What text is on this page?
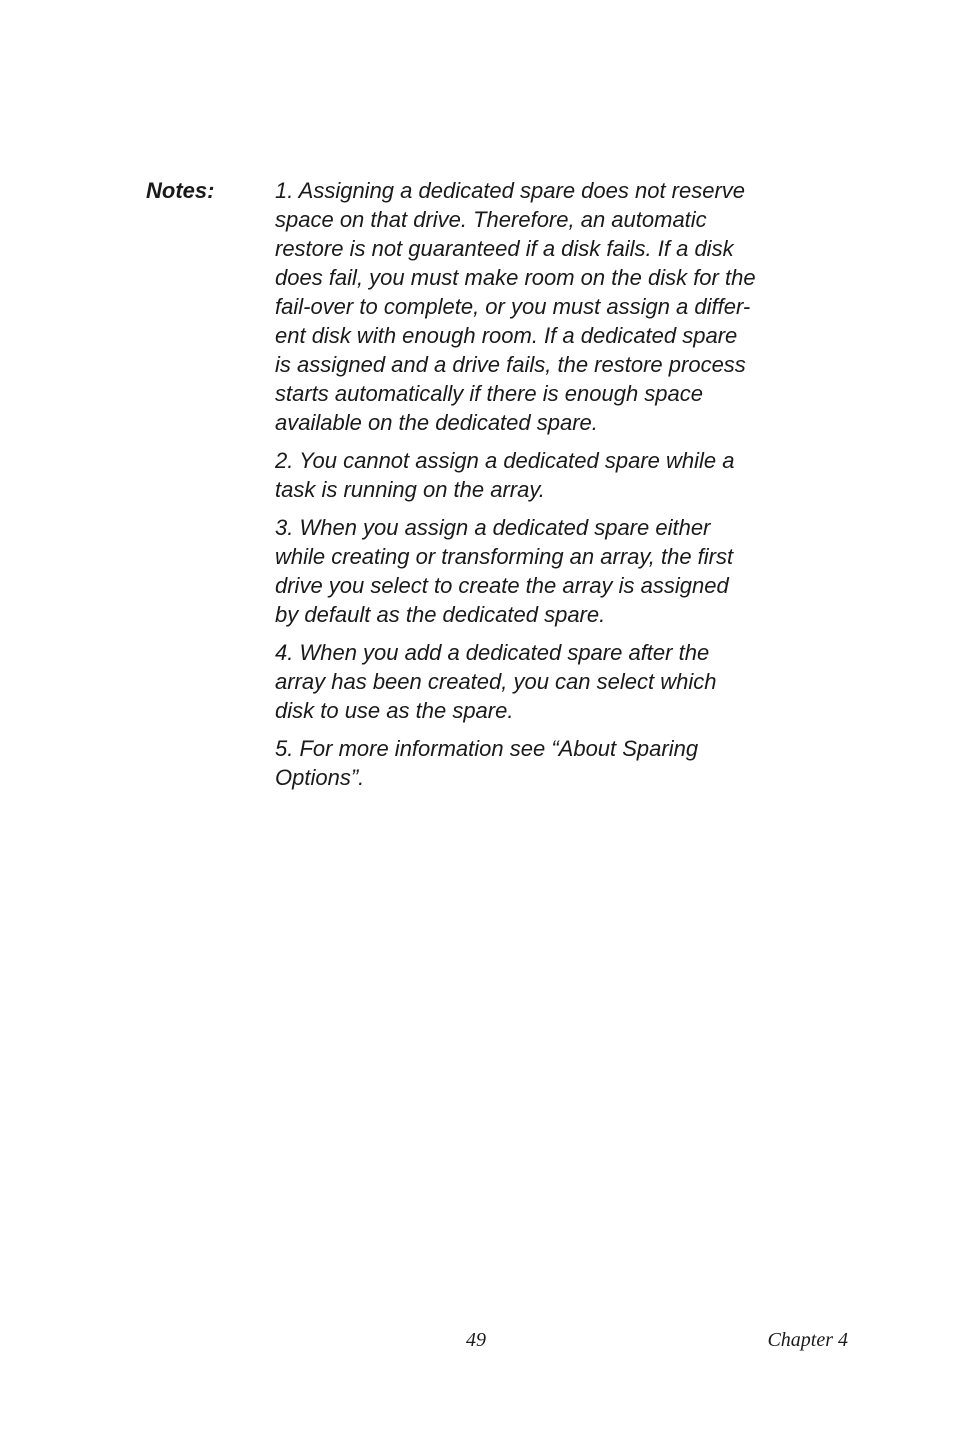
Notes:	1. Assigning a dedicated spare does not reserve
space on that drive. Therefore, an automatic
restore is not guaranteed if a disk fails. If a disk
does fail, you must make room on the disk for the
fail-over to complete, or you must assign a differ-
ent disk with enough room. If a dedicated spare
is assigned and a drive fails, the restore process
starts automatically if there is enough space
available on the dedicated spare.

2. You cannot assign a dedicated spare while a
task is running on the array.

3. When you assign a dedicated spare either
while creating or transforming an array, the first
drive you select to create the array is assigned
by default as the dedicated spare.

4. When you add a dedicated spare after the
array has been created, you can select which
disk to use as the spare.

5. For more information see “About Sparing
Options”.

49	Chapter 4
